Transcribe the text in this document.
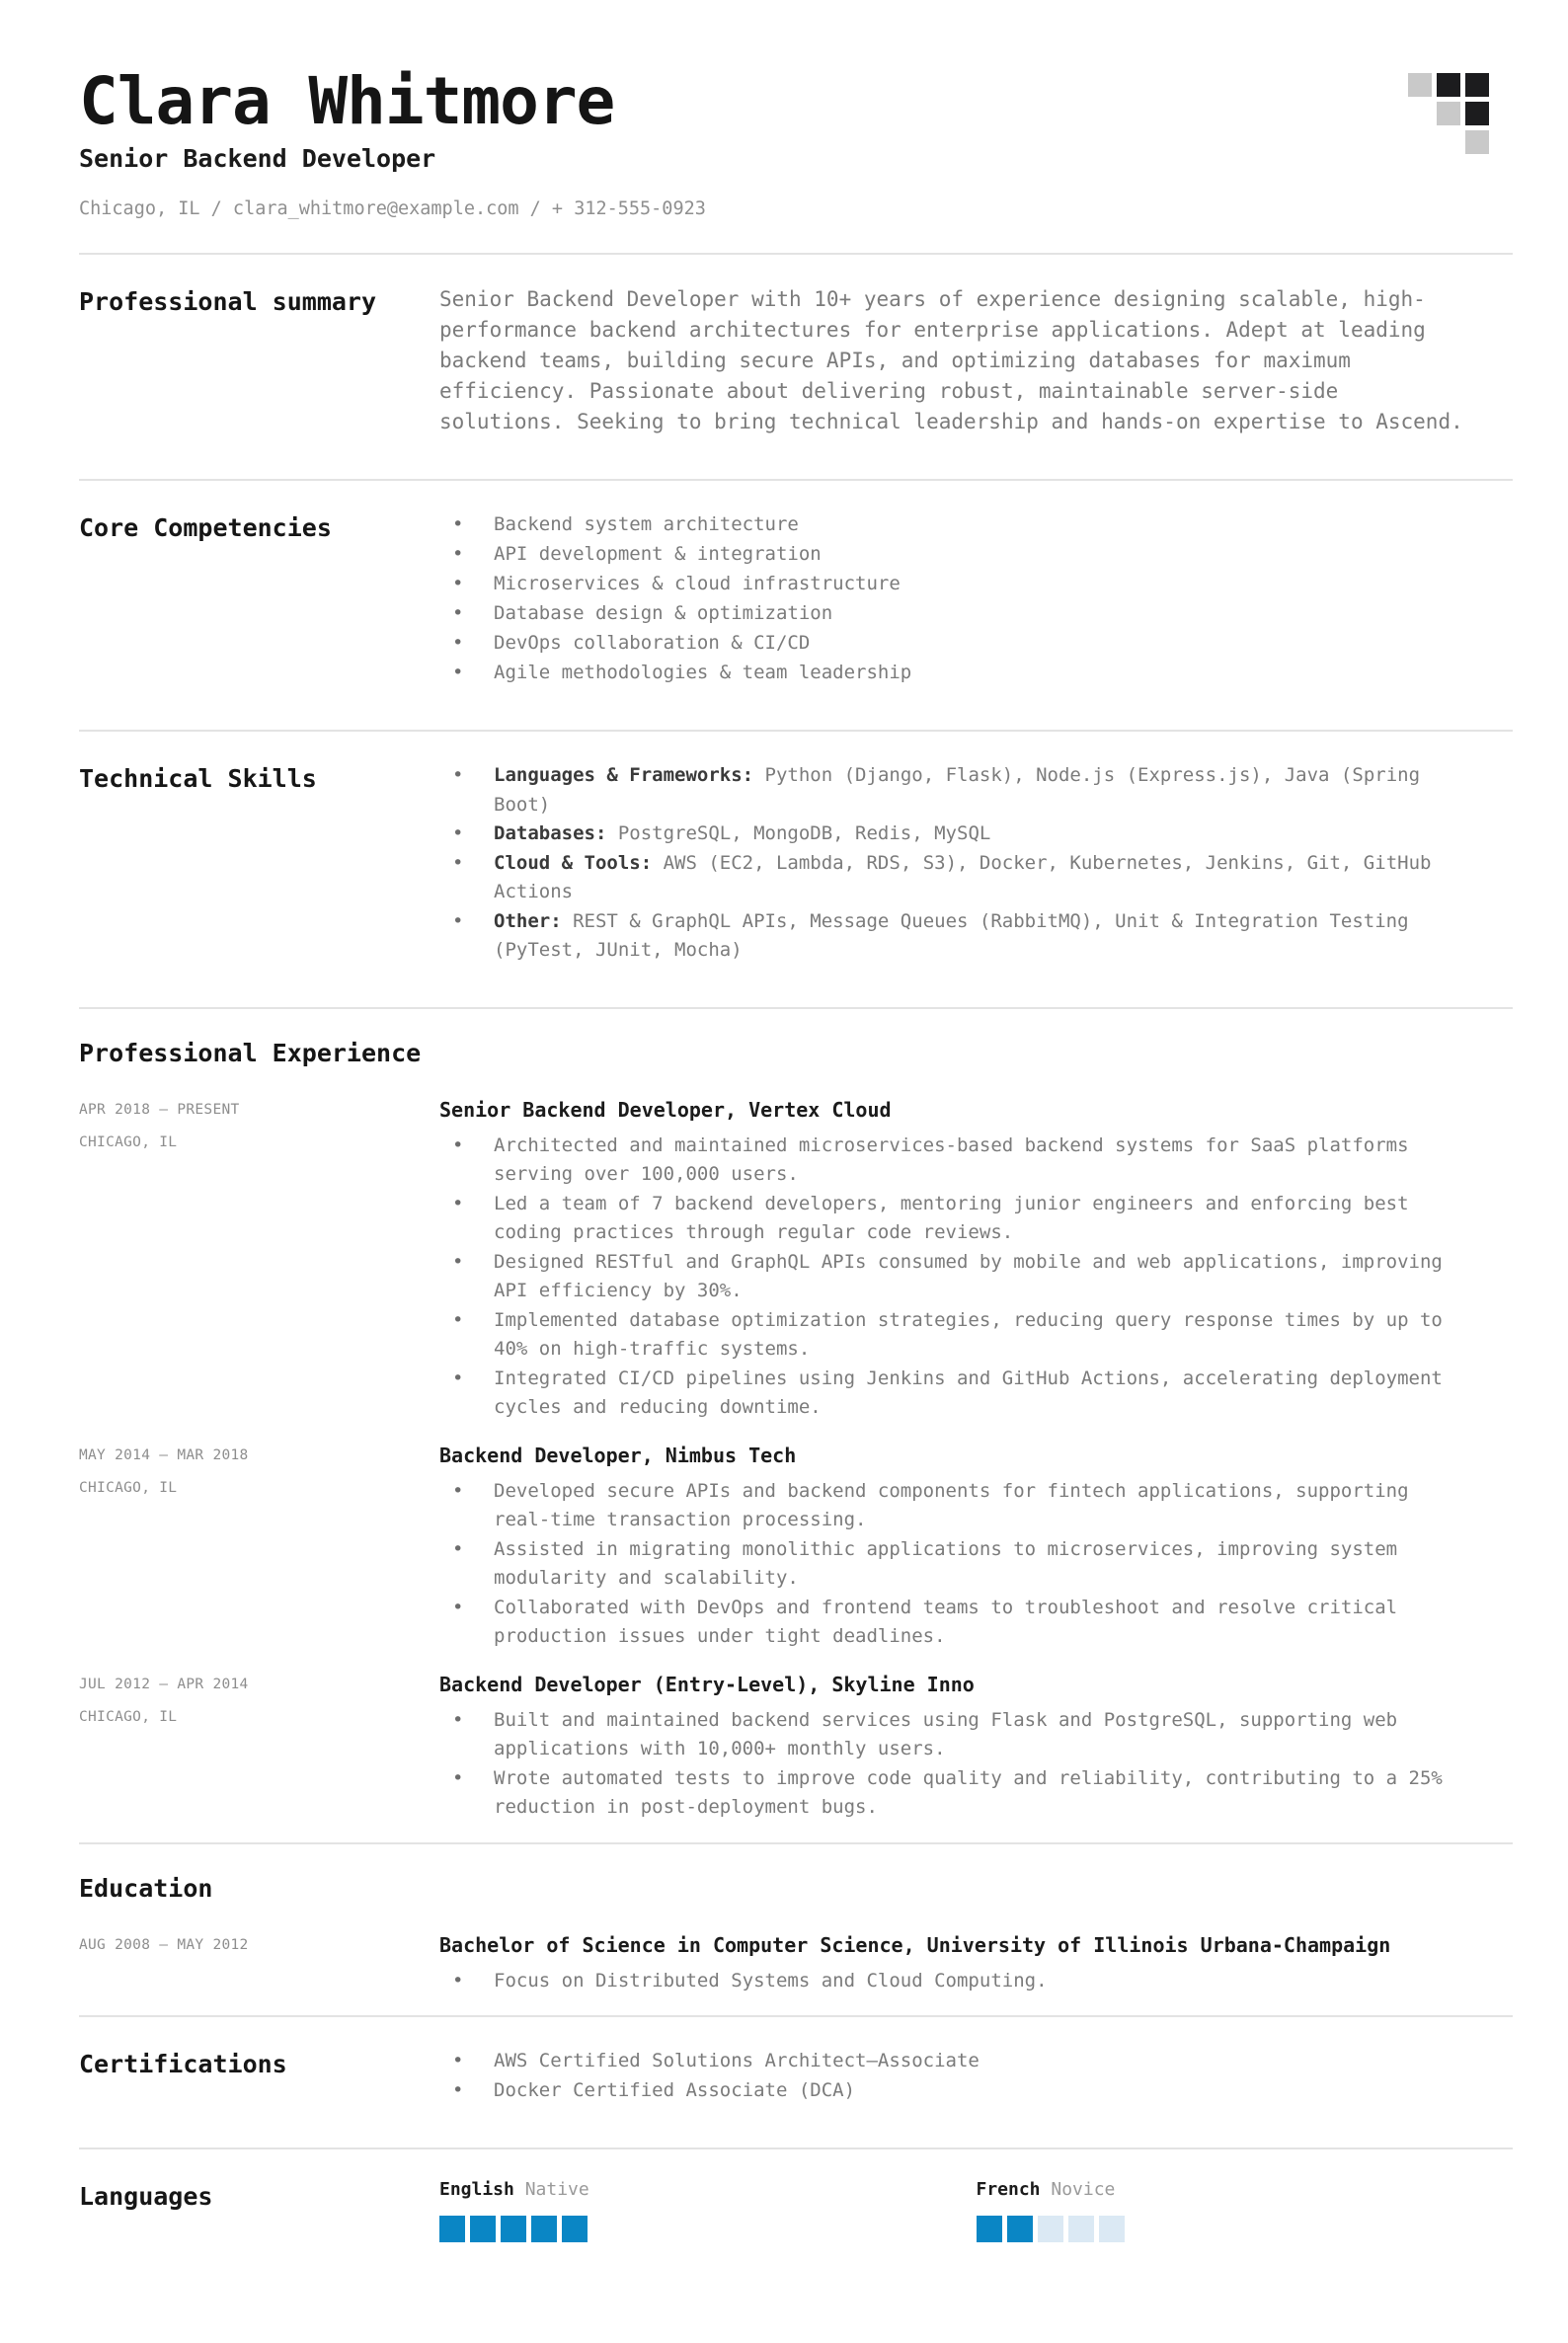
Clara Whitmore
Senior Backend Developer
Chicago, IL / clara_whitmore@example.com / + 312-555-0923
Professional summary	Senior Backend Developer with 10+ years of experience designing scalable, high-performance backend architectures for enterprise applications. Adept at leading backend teams, building secure APIs, and optimizing databases for maximum efficiency. Passionate about delivering robust, maintainable server-side solutions. Seeking to bring technical leadership and hands-on expertise to Ascend.

Core Competencies	• Backend system architecture
• API development & integration
• Microservices & cloud infrastructure
• Database design & optimization
• DevOps collaboration & CI/CD
• Agile methodologies & team leadership
Technical Skills	• Languages & Frameworks: Python (Django, Flask), Node.js (Express.js), Java (Spring Boot)
• Databases: PostgreSQL, MongoDB, Redis, MySQL
• Cloud & Tools: AWS (EC2, Lambda, RDS, S3), Docker, Kubernetes, Jenkins, Git, GitHub Actions
• Other: REST & GraphQL APIs, Message Queues (RabbitMQ), Unit & Integration Testing (PyTest, JUnit, Mocha)
Professional Experience
APR 2018 – PRESENT
CHICAGO, IL
Senior Backend Developer, Vertex Cloud
• Architected and maintained microservices-based backend systems for SaaS platforms serving over 100,000 users.
• Led a team of 7 backend developers, mentoring junior engineers and enforcing best coding practices through regular code reviews.
• Designed RESTful and GraphQL APIs consumed by mobile and web applications, improving API efficiency by 30%.
• Implemented database optimization strategies, reducing query response times by up to 40% on high-traffic systems.
• Integrated CI/CD pipelines using Jenkins and GitHub Actions, accelerating deployment cycles and reducing downtime.
MAY 2014 – MAR 2018
CHICAGO, IL
Backend Developer, Nimbus Tech
• Developed secure APIs and backend components for fintech applications, supporting real-time transaction processing.
• Assisted in migrating monolithic applications to microservices, improving system modularity and scalability.
• Collaborated with DevOps and frontend teams to troubleshoot and resolve critical production issues under tight deadlines.
JUL 2012 – APR 2014
CHICAGO, IL
Backend Developer (Entry-Level), Skyline Inno
• Built and maintained backend services using Flask and PostgreSQL, supporting web applications with 10,000+ monthly users.
• Wrote automated tests to improve code quality and reliability, contributing to a 25% reduction in post-deployment bugs.
Education
AUG 2008 – MAY 2012	Bachelor of Science in Computer Science, University of Illinois Urbana-Champaign
• Focus on Distributed Systems and Cloud Computing.
Certifications	• AWS Certified Solutions Architect–Associate
• Docker Certified Associate (DCA)
Languages	English Native	French Novice
